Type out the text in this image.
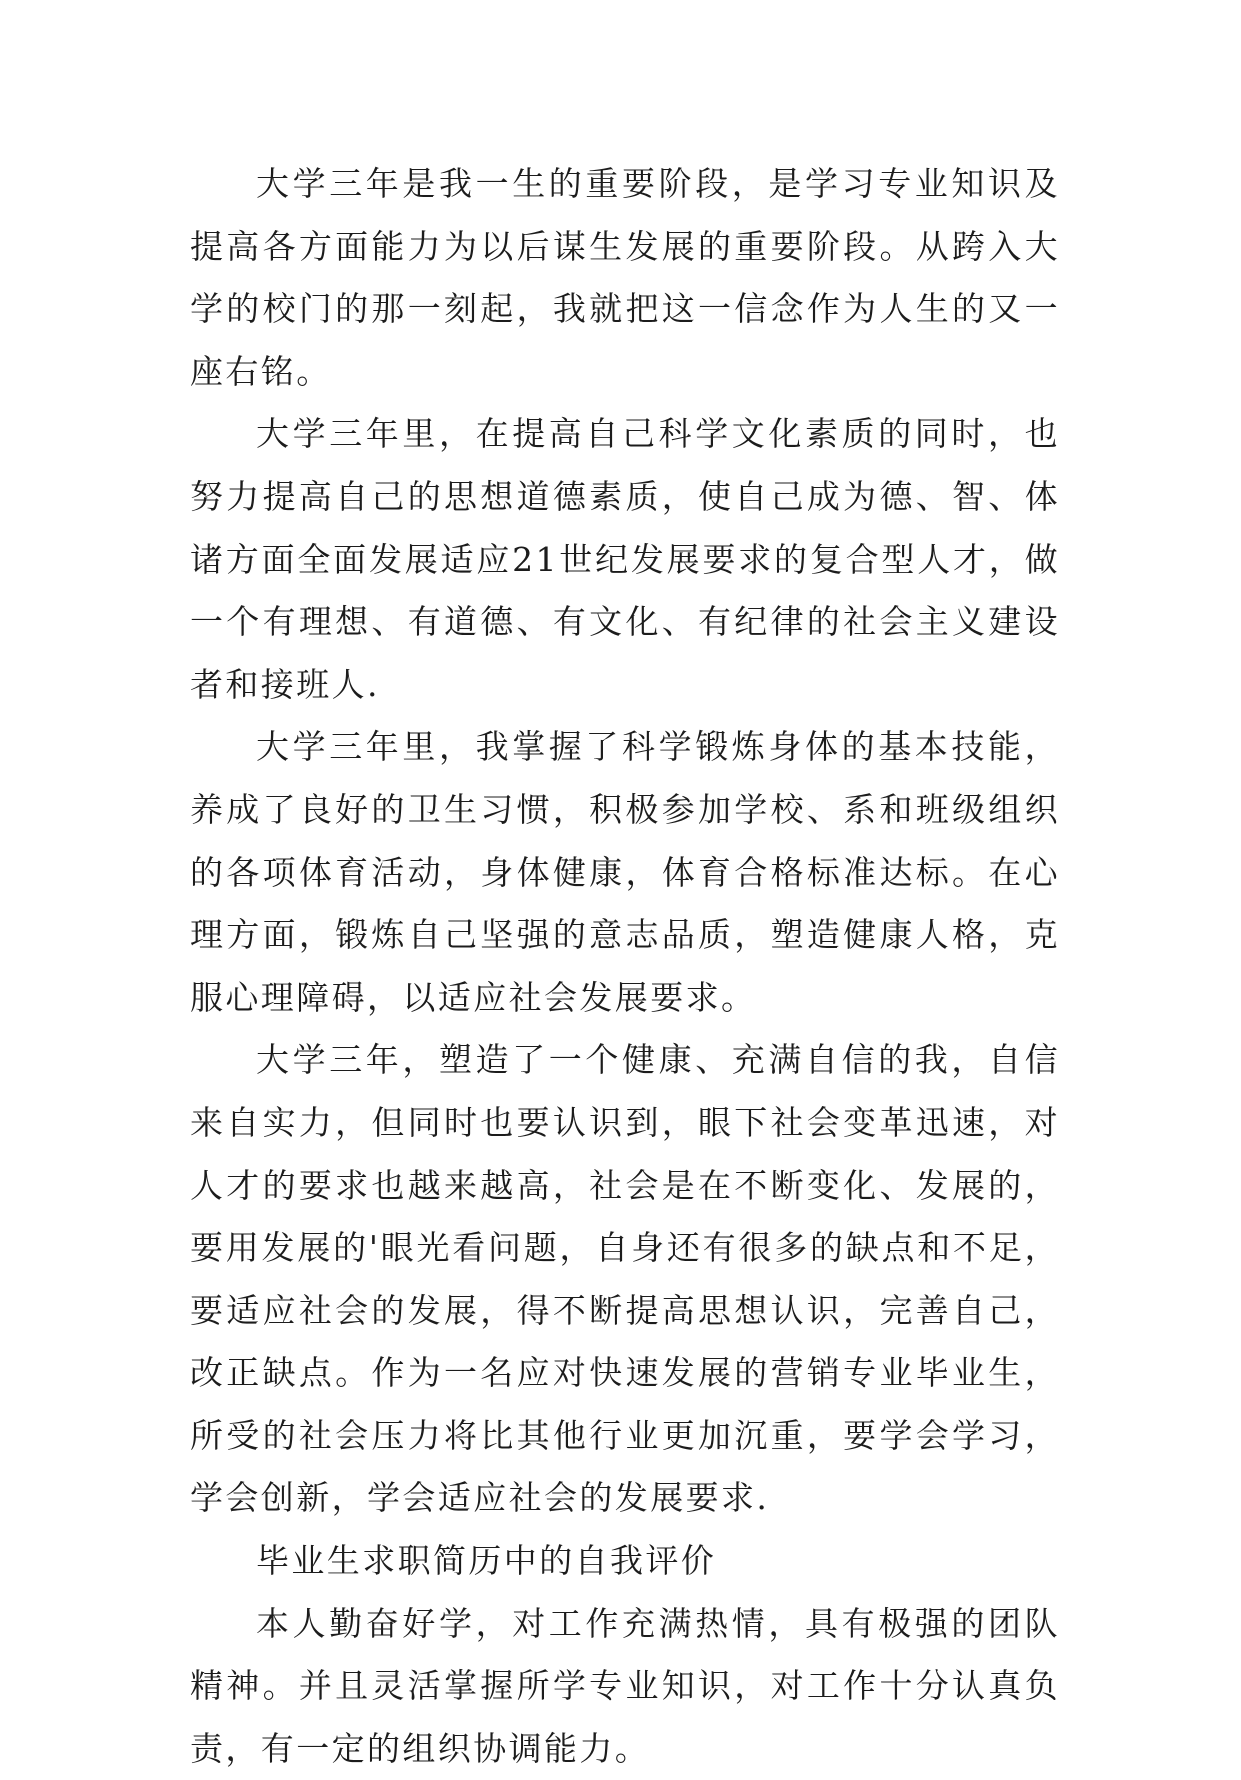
大学三年是我一生的重要阶段，是学习专业知识及提高各方面能力为以后谋生发展的重要阶段。从跨入大学的校门的那一刻起，我就把这一信念作为人生的又一座右铭。

大学三年里，在提高自己科学文化素质的同时，也努力提高自己的思想道德素质，使自己成为德、智、体诸方面全面发展适应21世纪发展要求的复合型人才，做一个有理想、有道德、有文化、有纪律的社会主义建设者和接班人.

大学三年里，我掌握了科学锻炼身体的基本技能，养成了良好的卫生习惯，积极参加学校、系和班级组织的各项体育活动，身体健康，体育合格标准达标。在心理方面，锻炼自己坚强的意志品质，塑造健康人格，克服心理障碍，以适应社会发展要求。

大学三年，塑造了一个健康、充满自信的我，自信来自实力，但同时也要认识到，眼下社会变革迅速，对人才的要求也越来越高，社会是在不断变化、发展的，要用发展的'眼光看问题，自身还有很多的缺点和不足，要适应社会的发展，得不断提高思想认识，完善自己，改正缺点。作为一名应对快速发展的营销专业毕业生，所受的社会压力将比其他行业更加沉重，要学会学习，学会创新，学会适应社会的发展要求.

毕业生求职简历中的自我评价

本人勤奋好学，对工作充满热情，具有极强的团队精神。并且灵活掌握所学专业知识，对工作十分认真负责，有一定的组织协调能力。
